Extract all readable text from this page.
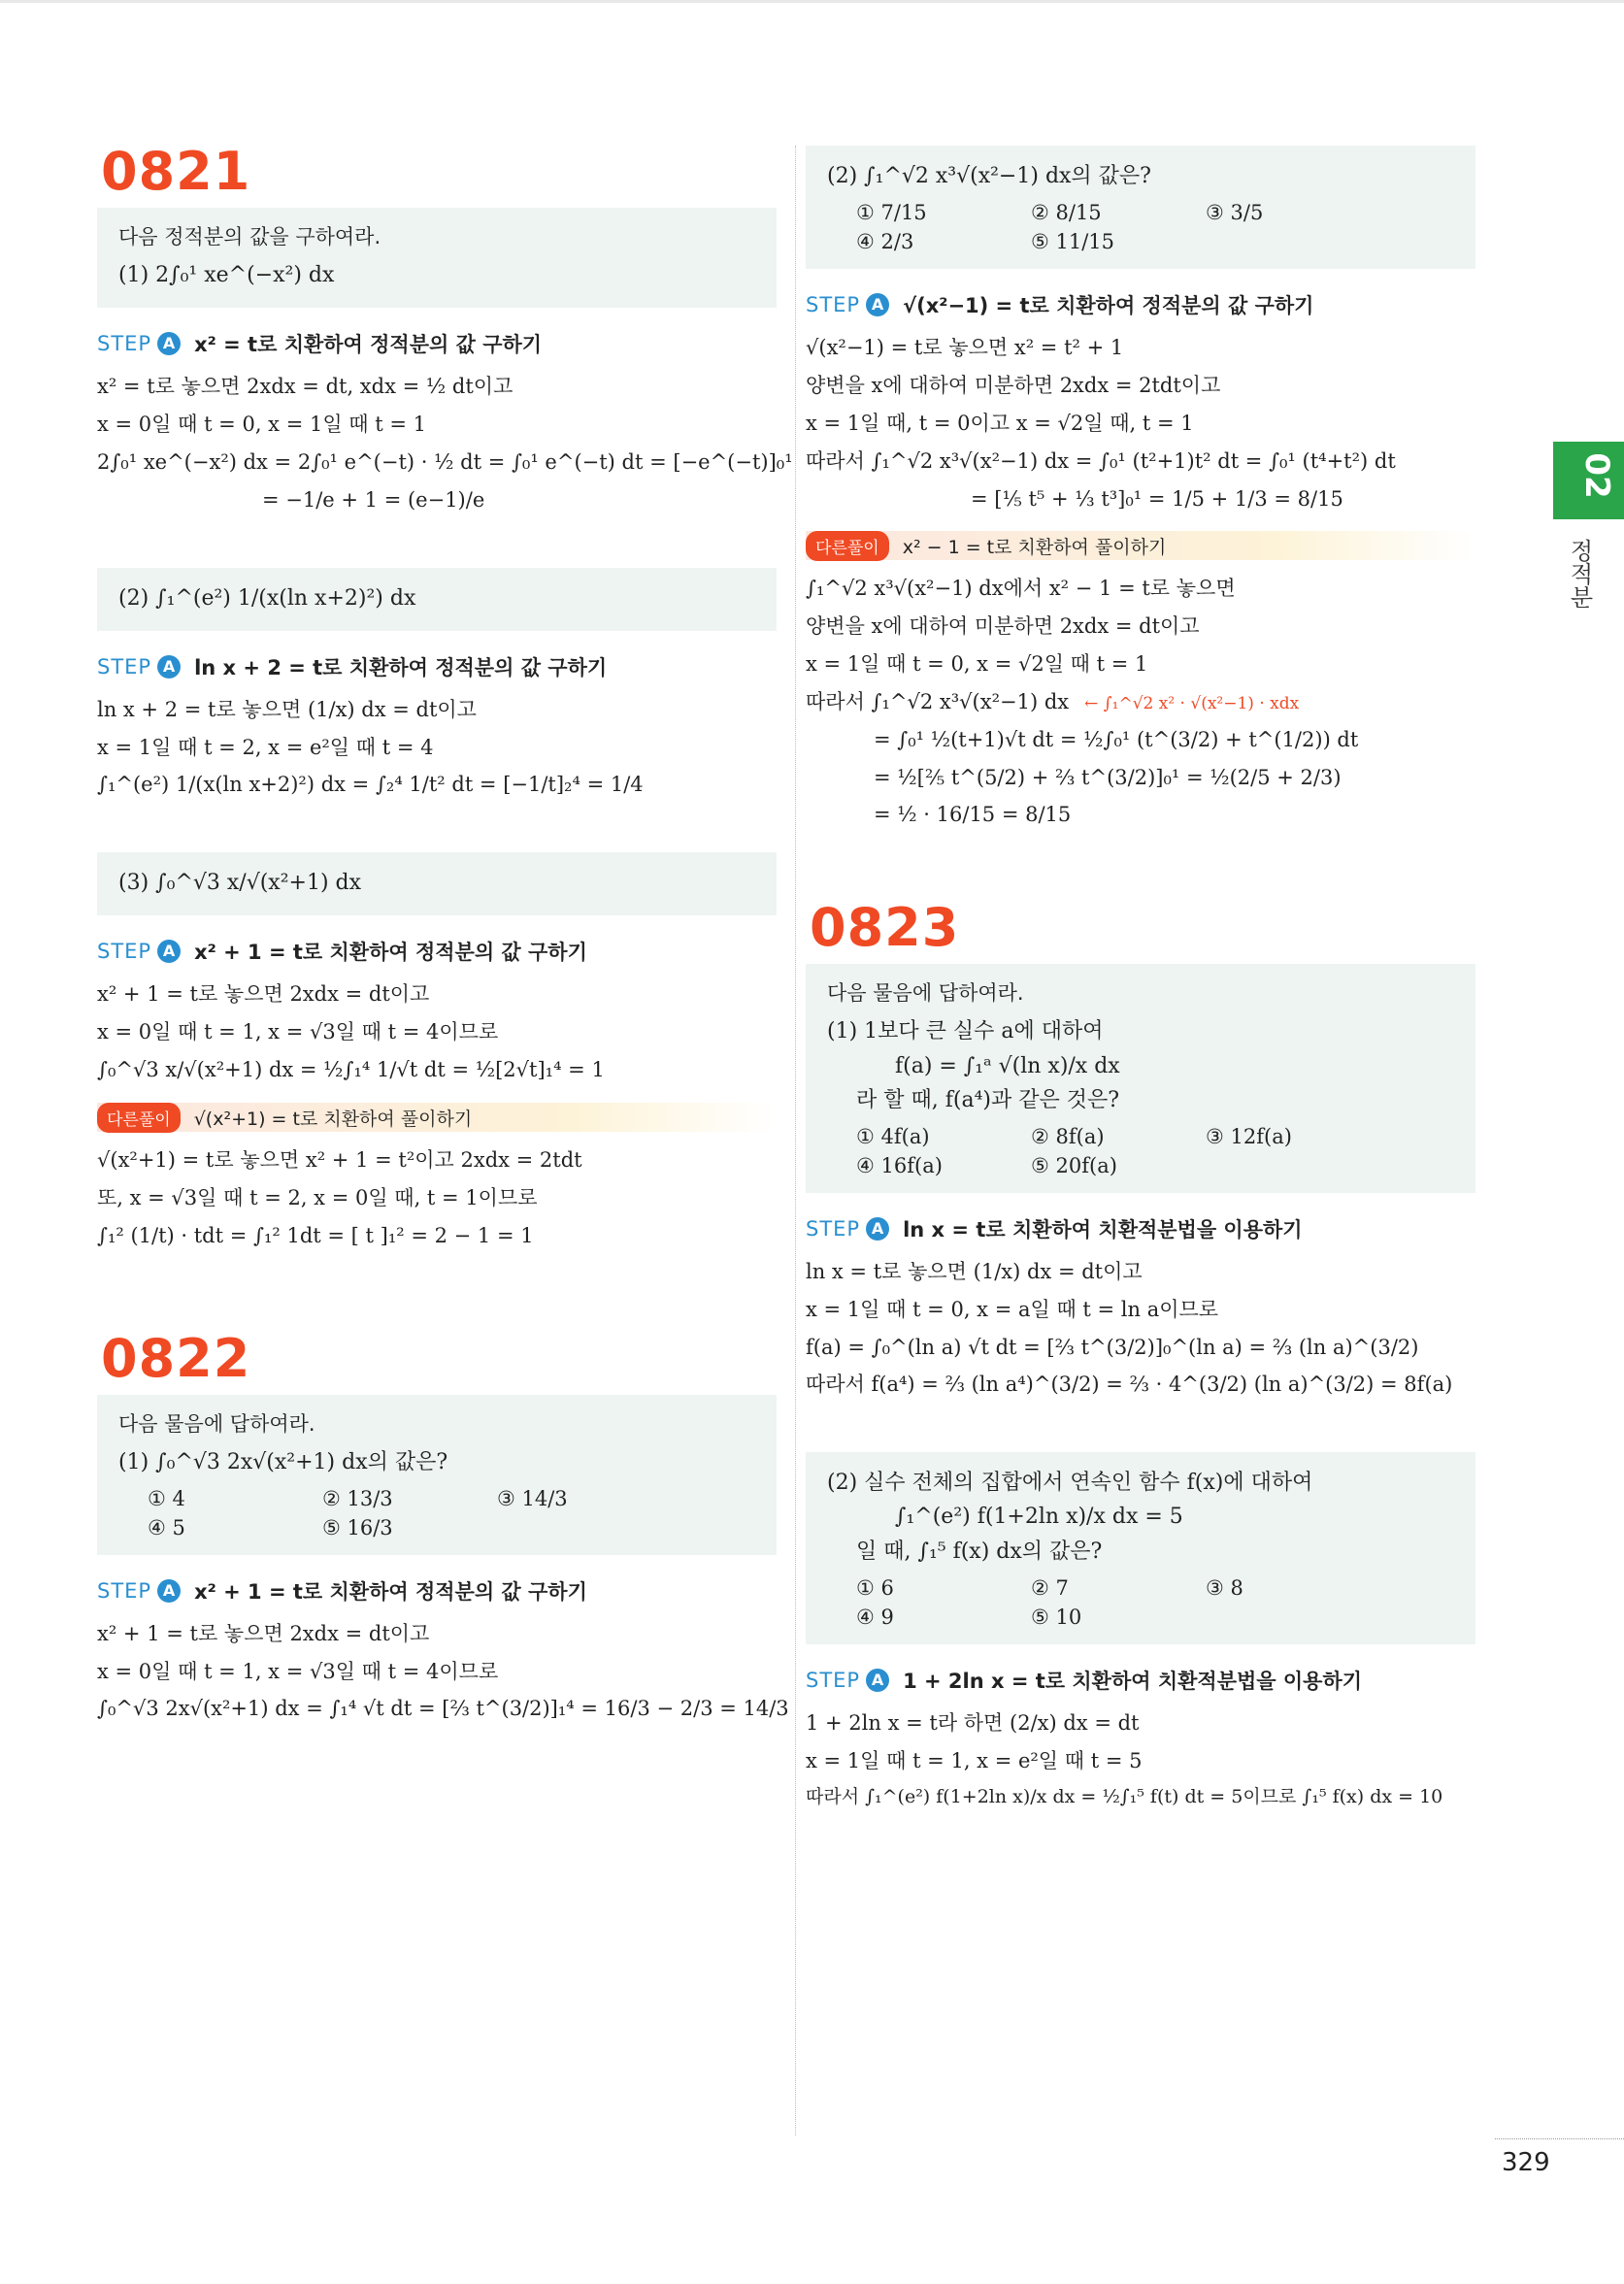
0821
다음 정적분의 값을 구하여라.
(1) 2∫₀¹ xe^(−x²) dx
STEP A x² = t로 치환하여 정적분의 값 구하기
x² = t로 놓으면 2xdx = dt, xdx = ½ dt이고
x = 0일 때 t = 0, x = 1일 때 t = 1
2∫₀¹ xe^(−x²) dx = 2∫₀¹ e^(−t) · ½ dt = ∫₀¹ e^(−t) dt = [−e^(−t)]₀¹
= −1/e + 1 = (e−1)/e
(2) ∫₁^(e²) 1/(x(ln x+2)²) dx
STEP A ln x + 2 = t로 치환하여 정적분의 값 구하기
ln x + 2 = t로 놓으면 (1/x) dx = dt이고
x = 1일 때 t = 2, x = e²일 때 t = 4
∫₁^(e²) 1/(x(ln x+2)²) dx = ∫₂⁴ 1/t² dt = [−1/t]₂⁴ = 1/4
(3) ∫₀^√3 x/√(x²+1) dx
STEP A x² + 1 = t로 치환하여 정적분의 값 구하기
x² + 1 = t로 놓으면 2xdx = dt이고
x = 0일 때 t = 1, x = √3일 때 t = 4이므로
∫₀^√3 x/√(x²+1) dx = ½∫₁⁴ 1/√t dt = ½[2√t]₁⁴ = 1
다른풀이	√(x²+1) = t로 치환하여 풀이하기
√(x²+1) = t로 놓으면 x² + 1 = t²이고 2xdx = 2tdt
또, x = √3일 때 t = 2, x = 0일 때, t = 1이므로
∫₁² (1/t) · tdt = ∫₁² 1dt = [ t ]₁² = 2 − 1 = 1
0822
다음 물음에 답하여라.
(1) ∫₀^√3 2x√(x²+1) dx의 값은?
① 4	② 13/3	③ 14/3
④ 5	⑤ 16/3
STEP A x² + 1 = t로 치환하여 정적분의 값 구하기
x² + 1 = t로 놓으면 2xdx = dt이고
x = 0일 때 t = 1, x = √3일 때 t = 4이므로
∫₀^√3 2x√(x²+1) dx = ∫₁⁴ √t dt = [⅔ t^(3/2)]₁⁴ = 16/3 − 2/3 = 14/3
(2) ∫₁^√2 x³√(x²−1) dx의 값은?
① 7/15	② 8/15	③ 3/5
④ 2/3	⑤ 11/15
STEP A √(x²−1) = t로 치환하여 정적분의 값 구하기
√(x²−1) = t로 놓으면 x² = t² + 1
양변을 x에 대하여 미분하면 2xdx = 2tdt이고
x = 1일 때, t = 0이고 x = √2일 때, t = 1
따라서 ∫₁^√2 x³√(x²−1) dx = ∫₀¹ (t²+1)t² dt = ∫₀¹ (t⁴+t²) dt
= [⅕ t⁵ + ⅓ t³]₀¹ = 1/5 + 1/3 = 8/15
다른풀이	x² − 1 = t로 치환하여 풀이하기
∫₁^√2 x³√(x²−1) dx에서 x² − 1 = t로 놓으면
양변을 x에 대하여 미분하면 2xdx = dt이고
x = 1일 때 t = 0, x = √2일 때 t = 1
따라서 ∫₁^√2 x³√(x²−1) dx ← ∫₁^√2 x² · √(x²−1) · xdx
= ∫₀¹ ½(t+1)√t dt = ½∫₀¹ (t^(3/2) + t^(1/2)) dt
= ½[⅖ t^(5/2) + ⅔ t^(3/2)]₀¹ = ½(2/5 + 2/3)
= ½ · 16/15 = 8/15
0823
다음 물음에 답하여라.
(1) 1보다 큰 실수 a에 대하여
f(a) = ∫₁ᵃ √(ln x)/x dx
라 할 때, f(a⁴)과 같은 것은?
① 4f(a)	② 8f(a)	③ 12f(a)
④ 16f(a)	⑤ 20f(a)
STEP A ln x = t로 치환하여 치환적분법을 이용하기
ln x = t로 놓으면 (1/x) dx = dt이고
x = 1일 때 t = 0, x = a일 때 t = ln a이므로
f(a) = ∫₀^(ln a) √t dt = [⅔ t^(3/2)]₀^(ln a) = ⅔ (ln a)^(3/2)
따라서 f(a⁴) = ⅔ (ln a⁴)^(3/2) = ⅔ · 4^(3/2) (ln a)^(3/2) = 8f(a)
(2) 실수 전체의 집합에서 연속인 함수 f(x)에 대하여
∫₁^(e²) f(1+2ln x)/x dx = 5
일 때, ∫₁⁵ f(x) dx의 값은?
① 6	② 7	③ 8
④ 9	⑤ 10
STEP A 1 + 2ln x = t로 치환하여 치환적분법을 이용하기
1 + 2ln x = t라 하면 (2/x) dx = dt
x = 1일 때 t = 1, x = e²일 때 t = 5
따라서 ∫₁^(e²) f(1+2ln x)/x dx = ½∫₁⁵ f(t) dt = 5이므로 ∫₁⁵ f(x) dx = 10
02
정적분
329
